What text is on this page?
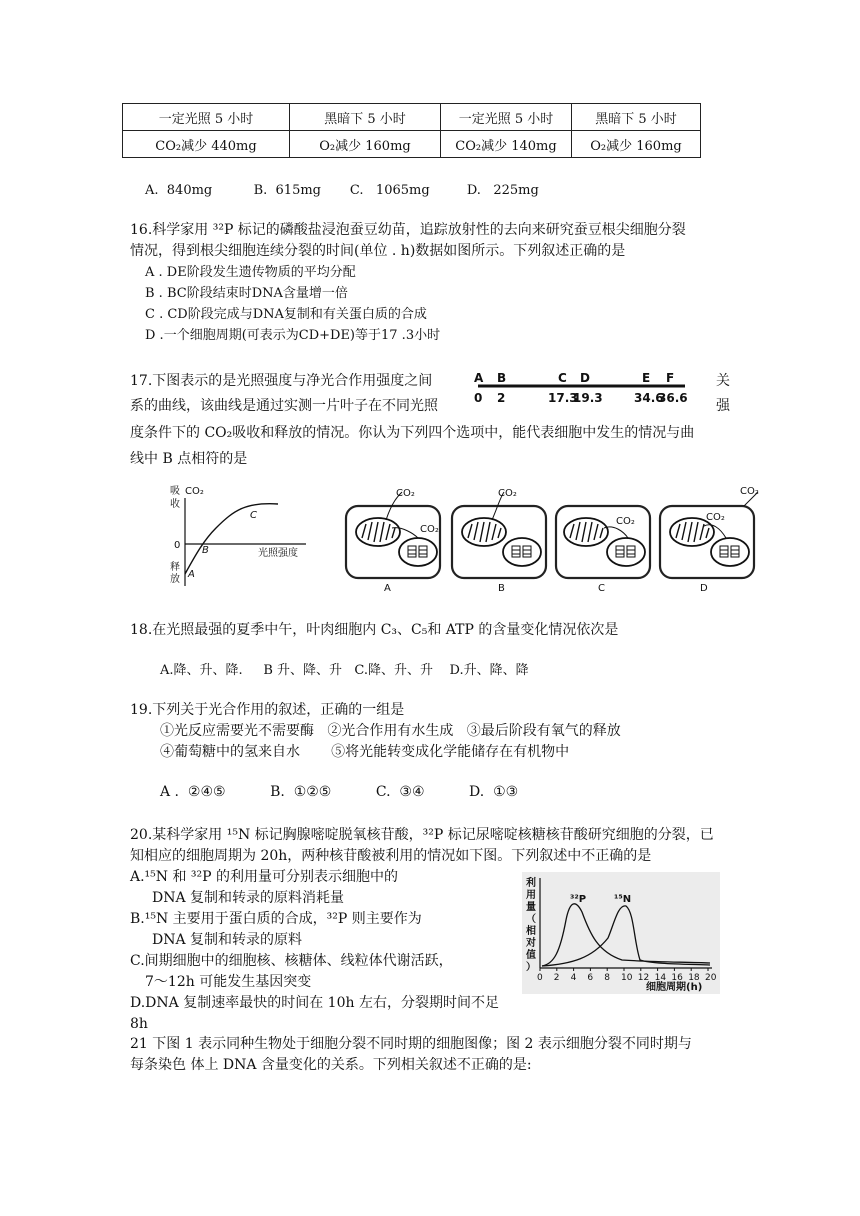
一定光照 5 小时	黑暗下 5 小时	一定光照 5 小时	黑暗下 5 小时
CO₂减少 440mg	O₂减少 160mg	CO₂减少 140mg	O₂减少 160mg
A.  840mg          B.  615mg       C.   1065mg         D.   225mg
16.科学家用 ³²P 标记的磷酸盐浸泡蚕豆幼苗，追踪放射性的去向来研究蚕豆根尖细胞分裂
情况，得到根尖细胞连续分裂的时间(单位 . h)数据如图所示。下列叙述正确的是
A . DE阶段发生遗传物质的平均分配
B . BC阶段结束时DNA含量增一倍
C . CD阶段完成与DNA复制和有关蛋白质的合成
D .一个细胞周期(可表示为CD+DE)等于17 .3小时
17.下图表示的是光照强度与净光合作用强度之间	关
系的曲线，该曲线是通过实测一片叶子在不同光照	强
度条件下的 CO₂吸收和释放的情况。你认为下列四个选项中，能代表细胞中发生的情况与曲
线中 B 点相符的是
A B	C D	E F
0 2	17.3
19.3	34.6
36.6
吸
收
CO₂
0
光照强度
释
放 A
B
C
CO₂
CO₂
A
CO₂
B
CO₂
C
CO₂
CO₂
D
18.在光照最强的夏季中午，叶肉细胞内 C₃、C₅和 ATP 的含量变化情况依次是
A.降、升、降.     B 升、降、升   C.降、升、升    D.升、降、降
19.下列关于光合作用的叙述，正确的一组是
①光反应需要光不需要酶   ②光合作用有水生成   ③最后阶段有氧气的释放
④葡萄糖中的氢来自水       ⑤将光能转变成化学能储存在有机物中
A .  ②④⑤          B.  ①②⑤          C.  ③④          D.  ①③
20.某科学家用 ¹⁵N 标记胸腺嘧啶脱氧核苷酸，³²P 标记尿嘧啶核糖核苷酸研究细胞的分裂，已
知相应的细胞周期为 20h，两种核苷酸被利用的情况如下图。下列叙述中不正确的是
A.¹⁵N 和 ³²P 的利用量可分别表示细胞中的
DNA 复制和转录的原料消耗量
B.¹⁵N 主要用于蛋白质的合成，³²P 则主要作为
DNA 复制和转录的原料
C.间期细胞中的细胞核、核糖体、线粒体代谢活跃，
7～12h 可能发生基因突变
D.DNA 复制速率最快的时间在 10h 左右，分裂期时间不足
8h
利
用
量
（
相
对
值
）
细胞周期(h)
³²P	¹⁵N
0 2 4 6 8 10 12 14 16 18 20
21 下图 1 表示同种生物处于细胞分裂不同时期的细胞图像；图 2 表示细胞分裂不同时期与
每条染色 体上 DNA 含量变化的关系。下列相关叙述不正确的是:
